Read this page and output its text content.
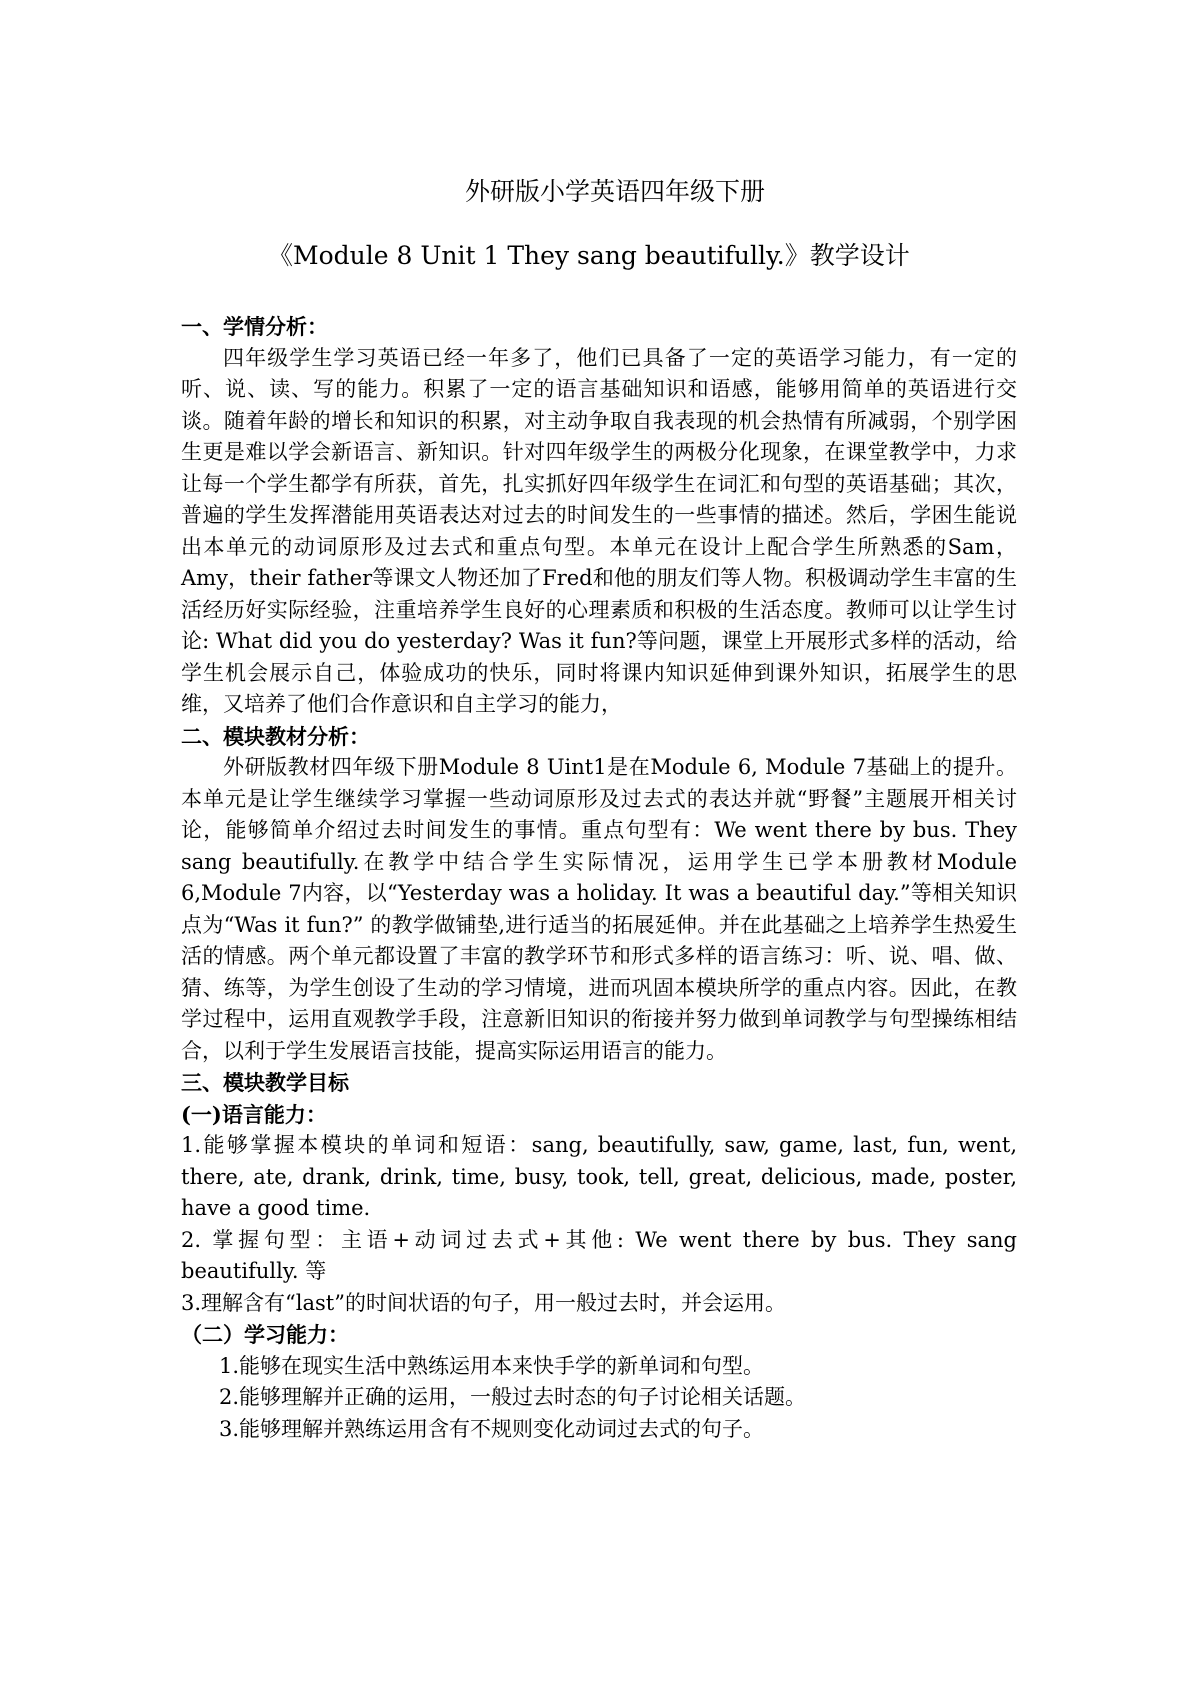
外研版小学英语四年级下册
《Module 8 Unit 1 They sang beautifully.》教学设计
一、学情分析：
四年级学生学习英语已经一年多了，他们已具备了一定的英语学习能力，有一定的听、说、读、写的能力。积累了一定的语言基础知识和语感，能够用简单的英语进行交谈。随着年龄的增长和知识的积累，对主动争取自我表现的机会热情有所减弱，个别学困生更是难以学会新语言、新知识。针对四年级学生的两极分化现象，在课堂教学中，力求让每一个学生都学有所获，首先，扎实抓好四年级学生在词汇和句型的英语基础；其次，普遍的学生发挥潜能用英语表达对过去的时间发生的一些事情的描述。然后，学困生能说出本单元的动词原形及过去式和重点句型。本单元在设计上配合学生所熟悉的Sam，Amy，their father等课文人物还加了Fred和他的朋友们等人物。积极调动学生丰富的生活经历好实际经验，注重培养学生良好的心理素质和积极的生活态度。教师可以让学生讨论: What did you do yesterday? Was it fun?等问题，课堂上开展形式多样的活动，给学生机会展示自己，体验成功的快乐，同时将课内知识延伸到课外知识，拓展学生的思维，又培养了他们合作意识和自主学习的能力，
二、模块教材分析：
外研版教材四年级下册Module 8 Uint1是在Module 6, Module 7基础上的提升。本单元是让学生继续学习掌握一些动词原形及过去式的表达并就“野餐”主题展开相关讨论，能够简单介绍过去时间发生的事情。重点句型有：We went there by bus. They sang beautifully.在教学中结合学生实际情况，运用学生已学本册教材Module 6,Module 7内容，以“Yesterday was a holiday. It was a beautiful day.”等相关知识点为“Was it fun?” 的教学做铺垫,进行适当的拓展延伸。并在此基础之上培养学生热爱生活的情感。两个单元都设置了丰富的教学环节和形式多样的语言练习：听、说、唱、做、猜、练等，为学生创设了生动的学习情境，进而巩固本模块所学的重点内容。因此，在教学过程中，运用直观教学手段，注意新旧知识的衔接并努力做到单词教学与句型操练相结合，以利于学生发展语言技能，提高实际运用语言的能力。
三、模块教学目标
(一)语言能力：
1.能够掌握本模块的单词和短语：sang, beautifully, saw, game, last, fun, went, there, ate, drank, drink, time, busy, took, tell, great, delicious, made, poster, have a good time.
2. 掌握句型：主语+动词过去式+其他: We went there by bus. They sang beautifully. 等
3.理解含有“last”的时间状语的句子，用一般过去时，并会运用。
（二）学习能力：
1.能够在现实生活中熟练运用本来快手学的新单词和句型。
2.能够理解并正确的运用，一般过去时态的句子讨论相关话题。
3.能够理解并熟练运用含有不规则变化动词过去式的句子。
